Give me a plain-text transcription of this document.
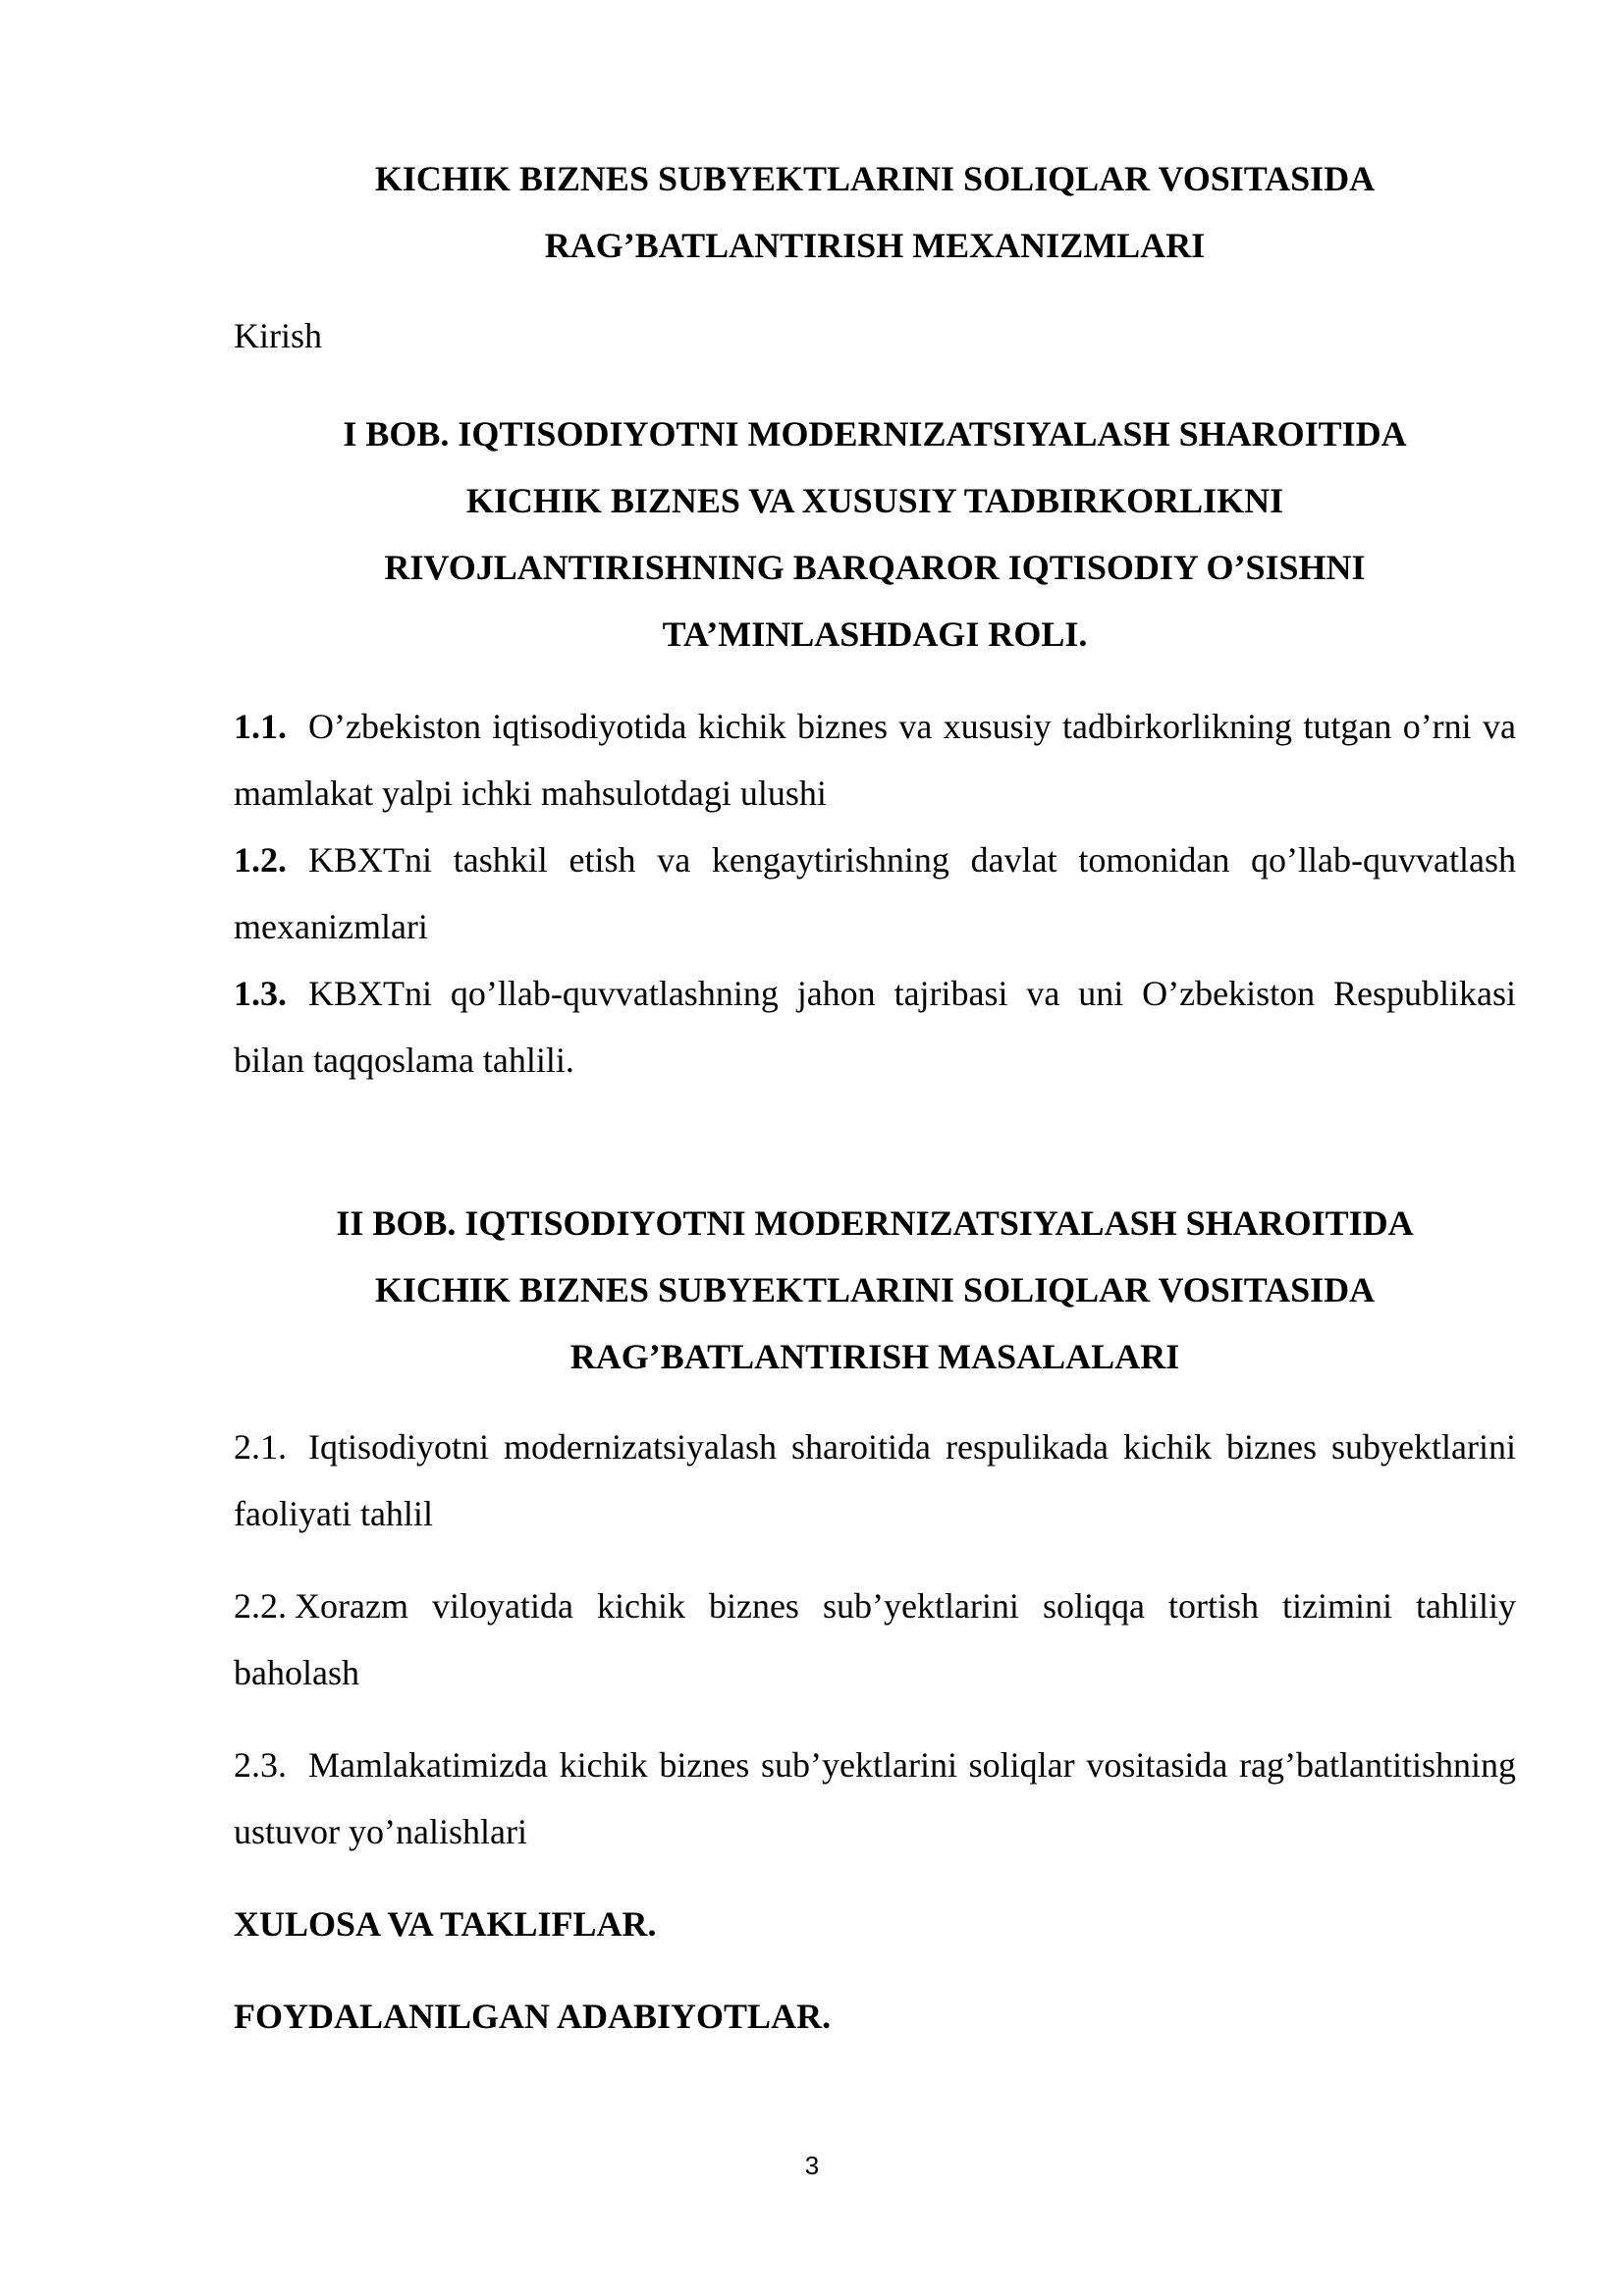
KICHIK BIZNES SUBYEKTLARINI SOLIQLAR VOSITASIDA

RAG’BATLANTIRISH MEXANIZMLARI

Kirish

I BOB. IQTISODIYOTNI MODERNIZATSIYALASH SHAROITIDA

KICHIK BIZNES VA XUSUSIY TADBIRKORLIKNI

RIVOJLANTIRISHNING BARQAROR IQTISODIY O’SISHNI

TA’MINLASHDAGI ROLI.

1.1. O’zbekiston iqtisodiyotida kichik biznes va xususiy tadbirkorlikning tutgan o’rni va mamlakat yalpi ichki mahsulotdagi ulushi

1.2. KBXTni tashkil etish va kengaytirishning davlat tomonidan qo’llab-quvvatlash mexanizmlari

1.3. KBXTni qo’llab-quvvatlashning jahon tajribasi va uni O’zbekiston Respublikasi bilan taqqoslama tahlili.

II BOB. IQTISODIYOTNI MODERNIZATSIYALASH SHAROITIDA

KICHIK BIZNES SUBYEKTLARINI SOLIQLAR VOSITASIDA

RAG’BATLANTIRISH MASALALARI

2.1. Iqtisodiyotni modernizatsiyalash sharoitida respulikada kichik biznes subyektlarini faoliyati tahlil

2.2. Xorazm viloyatida kichik biznes sub’yektlarini soliqqa tortish tizimini tahliliy baholash

2.3. Mamlakatimizda kichik biznes sub’yektlarini soliqlar vositasida rag’batlantitishning ustuvor yo’nalishlari

XULOSA VA TAKLIFLAR.

FOYDALANILGAN ADABIYOTLAR.

3
